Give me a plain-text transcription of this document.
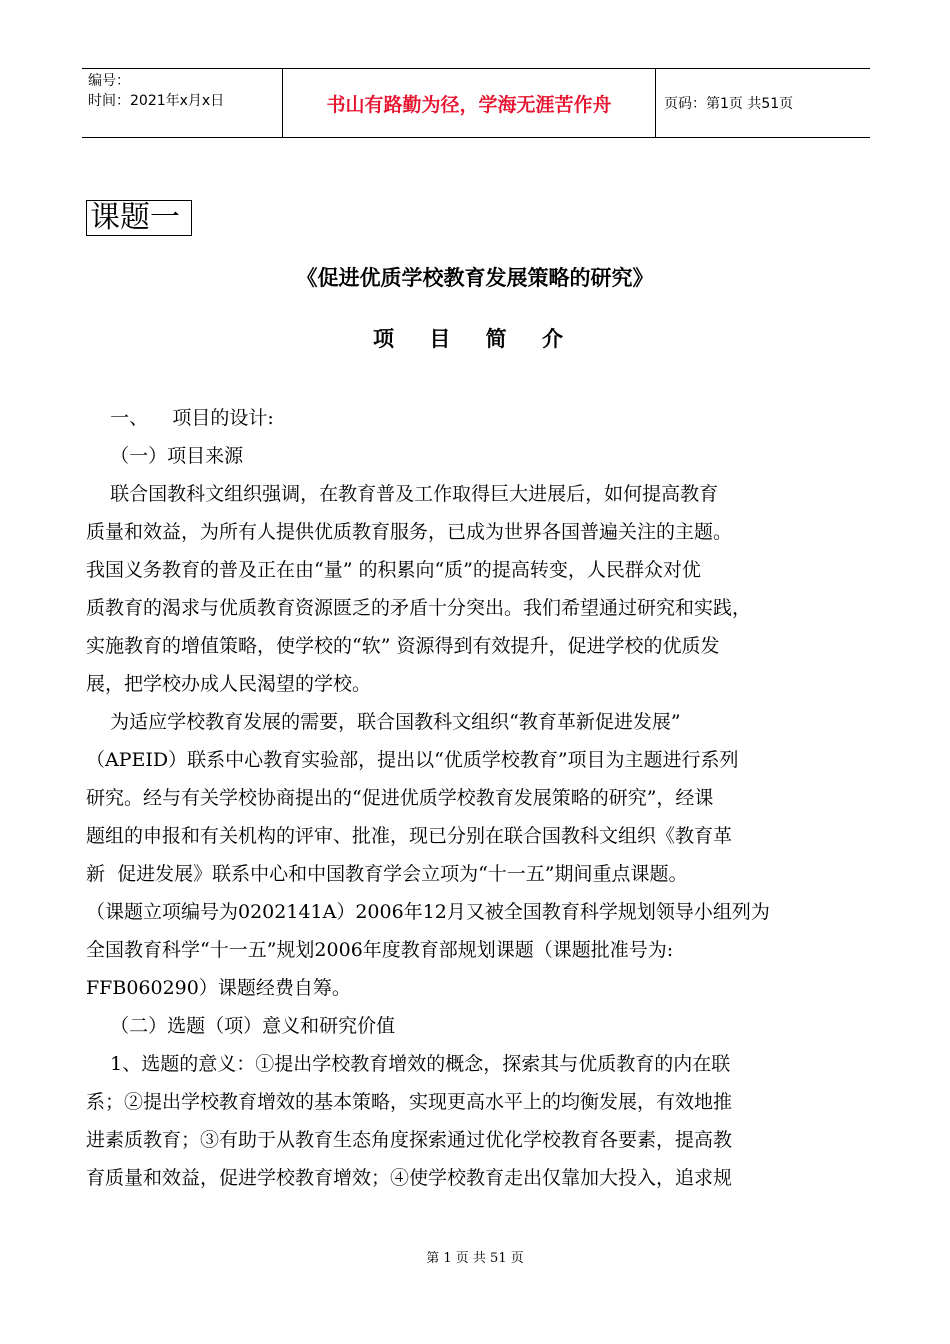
编号：
时间：2021年x月x日	书山有路勤为径，学海无涯苦作舟	页码：第1页 共51页
课题一
《促进优质学校教育发展策略的研究》
项 目 简 介
一、    项目的设计:
（一）项目来源
联合国教科文组织强调，在教育普及工作取得巨大进展后，如何提高教育
质量和效益，为所有人提供优质教育服务，已成为世界各国普遍关注的主题。
我国义务教育的普及正在由“量” 的积累向“质”的提高转变，人民群众对优
质教育的渴求与优质教育资源匮乏的矛盾十分突出。我们希望通过研究和实践，
实施教育的增值策略，使学校的“软” 资源得到有效提升，促进学校的优质发
展，把学校办成人民渴望的学校。
为适应学校教育发展的需要，联合国教科文组织“教育革新促进发展”
（APEID）联系中心教育实验部，提出以“优质学校教育”项目为主题进行系列
研究。经与有关学校协商提出的“促进优质学校教育发展策略的研究”，经课
题组的申报和有关机构的评审、批准，现已分别在联合国教科文组织《教育革
新  促进发展》联系中心和中国教育学会立项为“十一五”期间重点课题。
（课题立项编号为0202141A）2006年12月又被全国教育科学规划领导小组列为
全国教育科学“十一五”规划2006年度教育部规划课题（课题批准号为:
FFB060290）课题经费自筹。
（二）选题（项）意义和研究价值
1、选题的意义：①提出学校教育增效的概念，探索其与优质教育的内在联
系；②提出学校教育增效的基本策略，实现更高水平上的均衡发展，有效地推
进素质教育；③有助于从教育生态角度探索通过优化学校教育各要素，提高教
育质量和效益，促进学校教育增效；④使学校教育走出仅靠加大投入，追求规
第 1 页 共 51 页
